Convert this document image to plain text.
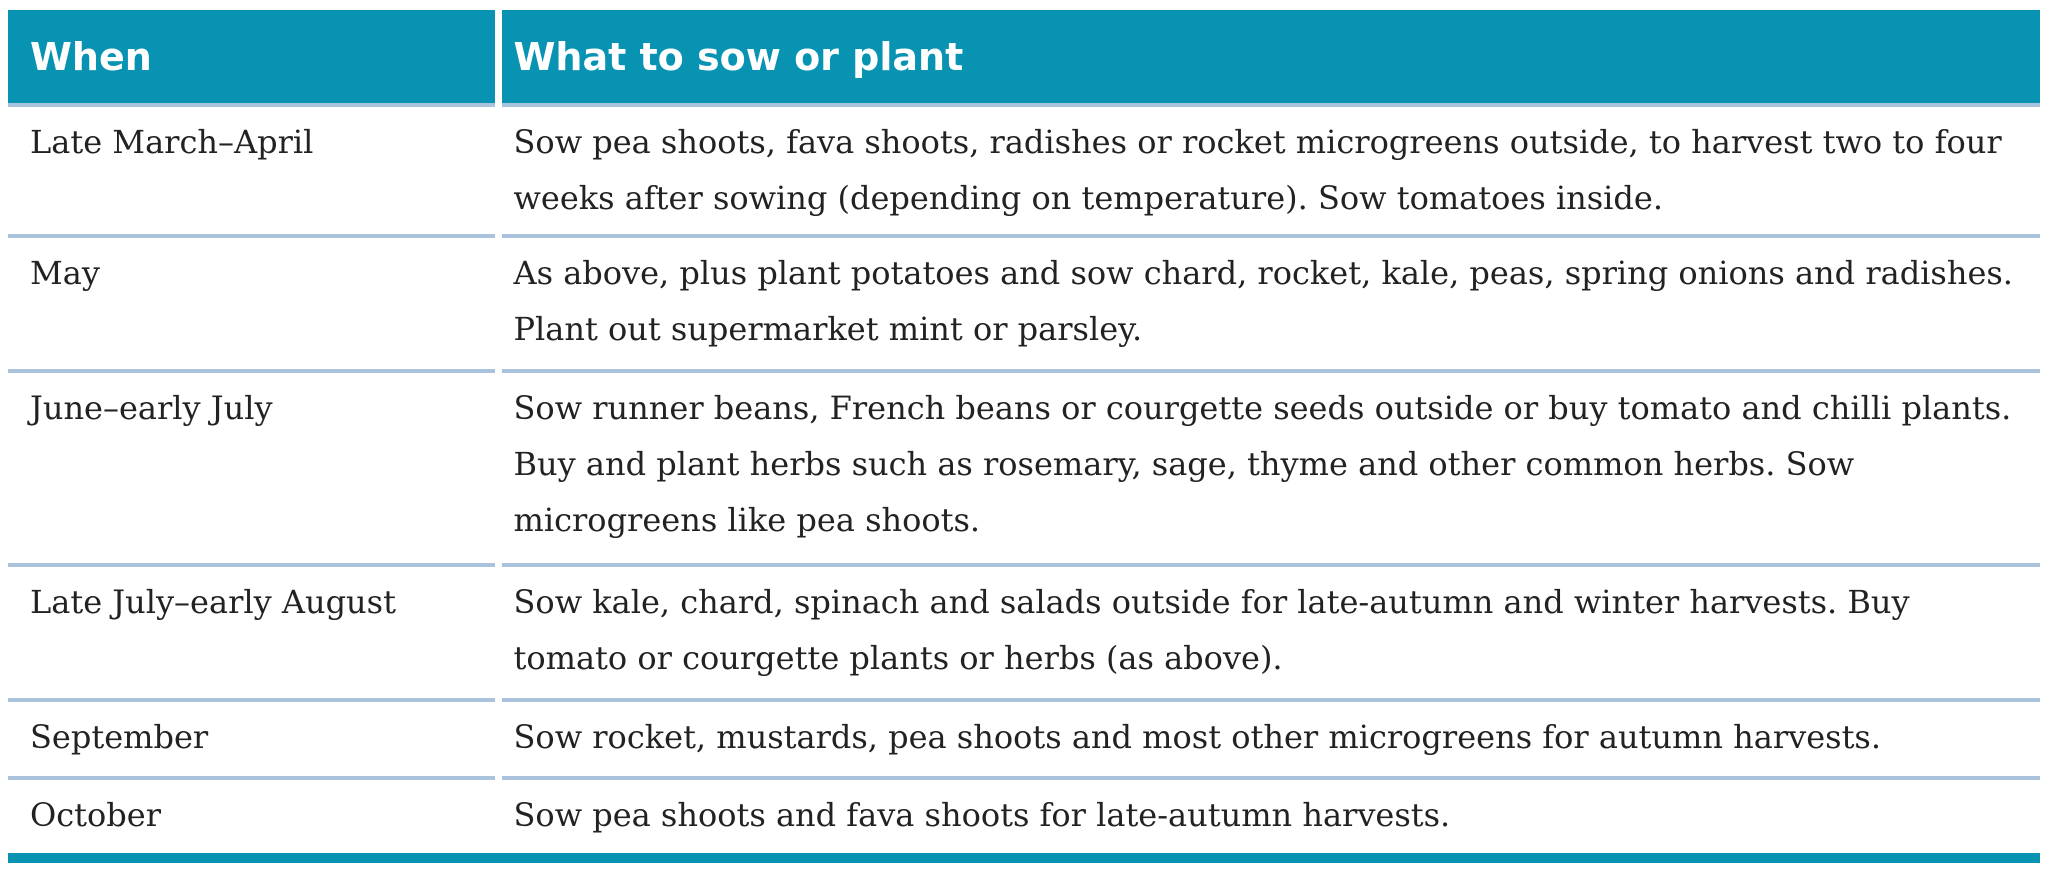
When	What to sow or plant
Late March–April	Sow pea shoots, fava shoots, radishes or rocket microgreens outside, to harvest two to four weeks after sowing (depending on temperature). Sow tomatoes inside.
May	As above, plus plant potatoes and sow chard, rocket, kale, peas, spring onions and radishes. Plant out supermarket mint or parsley.
June–early July	Sow runner beans, French beans or courgette seeds outside or buy tomato and chilli plants. Buy and plant herbs such as rosemary, sage, thyme and other common herbs. Sow microgreens like pea shoots.
Late July–early August	Sow kale, chard, spinach and salads outside for late-autumn and winter harvests. Buy tomato or courgette plants or herbs (as above).
September	Sow rocket, mustards, pea shoots and most other microgreens for autumn harvests.
October	Sow pea shoots and fava shoots for late-autumn harvests.
